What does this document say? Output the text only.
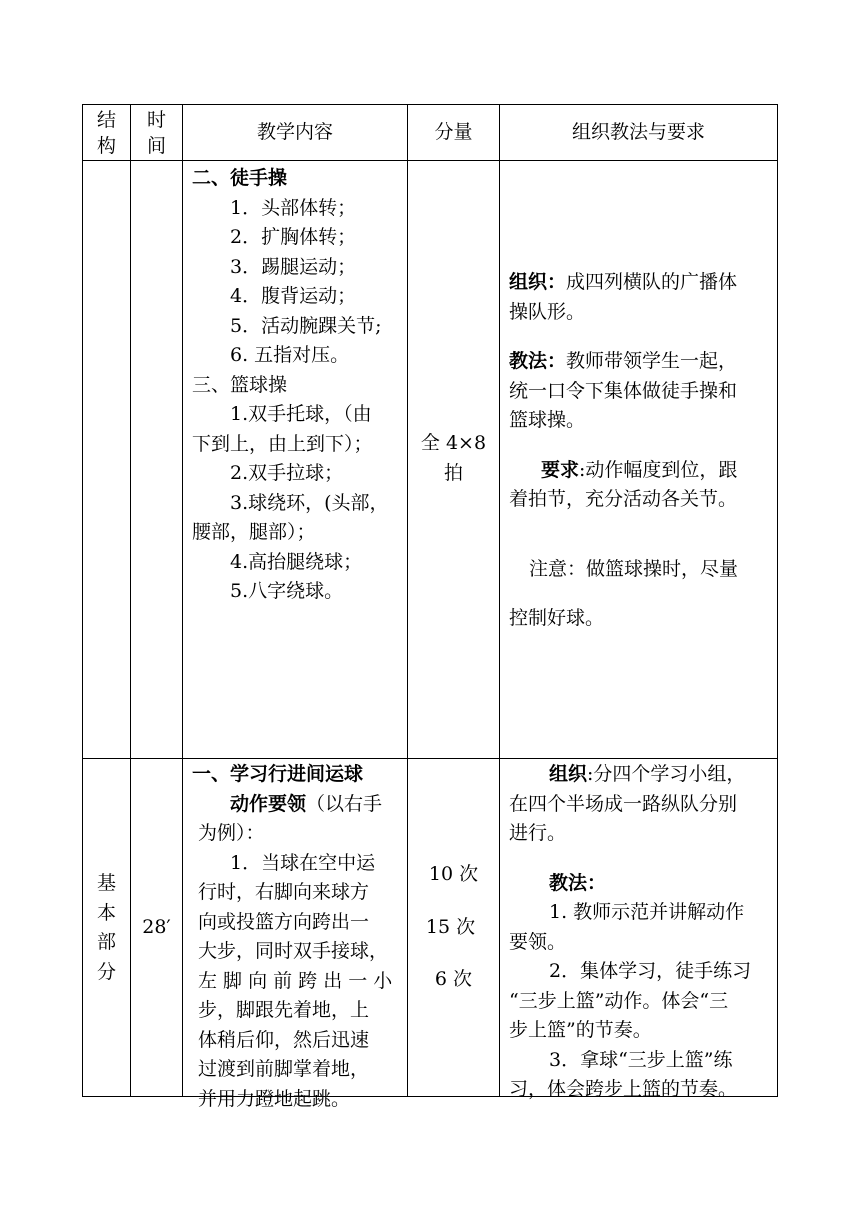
结构
时间
教学内容	分量	组织教法与要求

二、徒手操

1．头部体转；

2．扩胸体转；

3．踢腿运动；

4．腹背运动；

5．活动腕踝关节;

6. 五指对压。

三、篮球操

1.双手托球，（由

下到上，由上到下）；

2.双手拉球；

3.球绕环，(头部，

腰部，腿部）；

4.高抬腿绕球；

5.八字绕球。

全 4×8

拍

组织：成四列横队的广播体

操队形。

教法：教师带领学生一起，

统一口令下集体做徒手操和

篮球操。

要求:动作幅度到位，跟

着拍节，充分活动各关节。

注意：做篮球操时，尽量

控制好球。

基

本

部

分

28′

一、学习行进间运球

动作要领（以右手

为例）：

1．当球在空中运

行时，右脚向来球方

向或投篮方向跨出一

大步，同时双手接球，

左 脚 向 前 跨 出 一 小

步，脚跟先着地，上

体稍后仰，然后迅速

过渡到前脚掌着地，

并用力蹬地起跳。

10 次

15 次

6 次

组织:分四个学习小组，

在四个半场成一路纵队分别

进行。

教法：

1. 教师示范并讲解动作

要领。

2．集体学习，徒手练习

“三步上篮”动作。体会“三

步上篮”的节奏。

3．拿球“三步上篮”练

习，体会跨步上篮的节奏。
